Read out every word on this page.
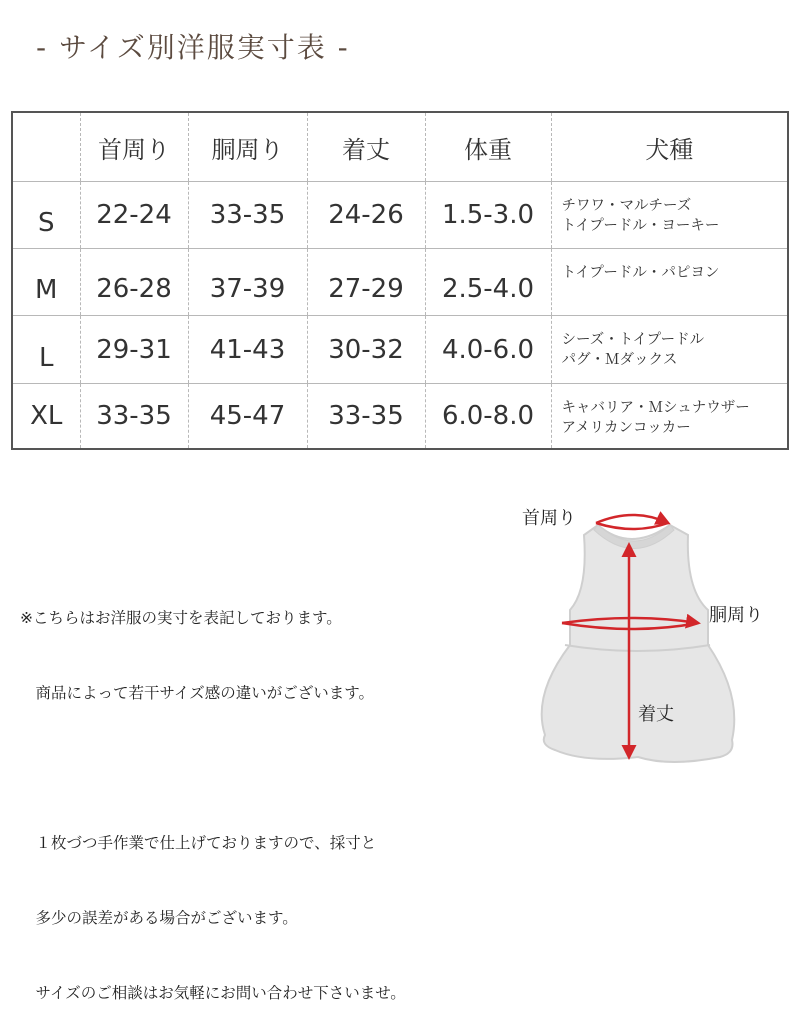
- サイズ別洋服実寸表 -
	首周り	胴周り	着丈	体重	犬種
S	22-24	33-35	24-26	1.5-3.0	チワワ・マルチーズ
トイプードル・ヨーキー

M	26-28	37-39	27-29	2.5-4.0	トイプードル・パピヨン

L	29-31	41-43	30-32	4.0-6.0	シーズ・トイプードル
パグ・Ｍダックス

XL	33-35	45-47	33-35	6.0-8.0	キャバリア・Ｍシュナウザー
アメリカンコッカー

※こちらはお洋服の実寸を表記しております。

　商品によって若干サイズ感の違いがございます。

　１枚づつ手作業で仕上げておりますので、採寸と

　多少の誤差がある場合がございます。

　サイズのご相談はお気軽にお問い合わせ下さいませ。

首周り
胴周り
着丈
